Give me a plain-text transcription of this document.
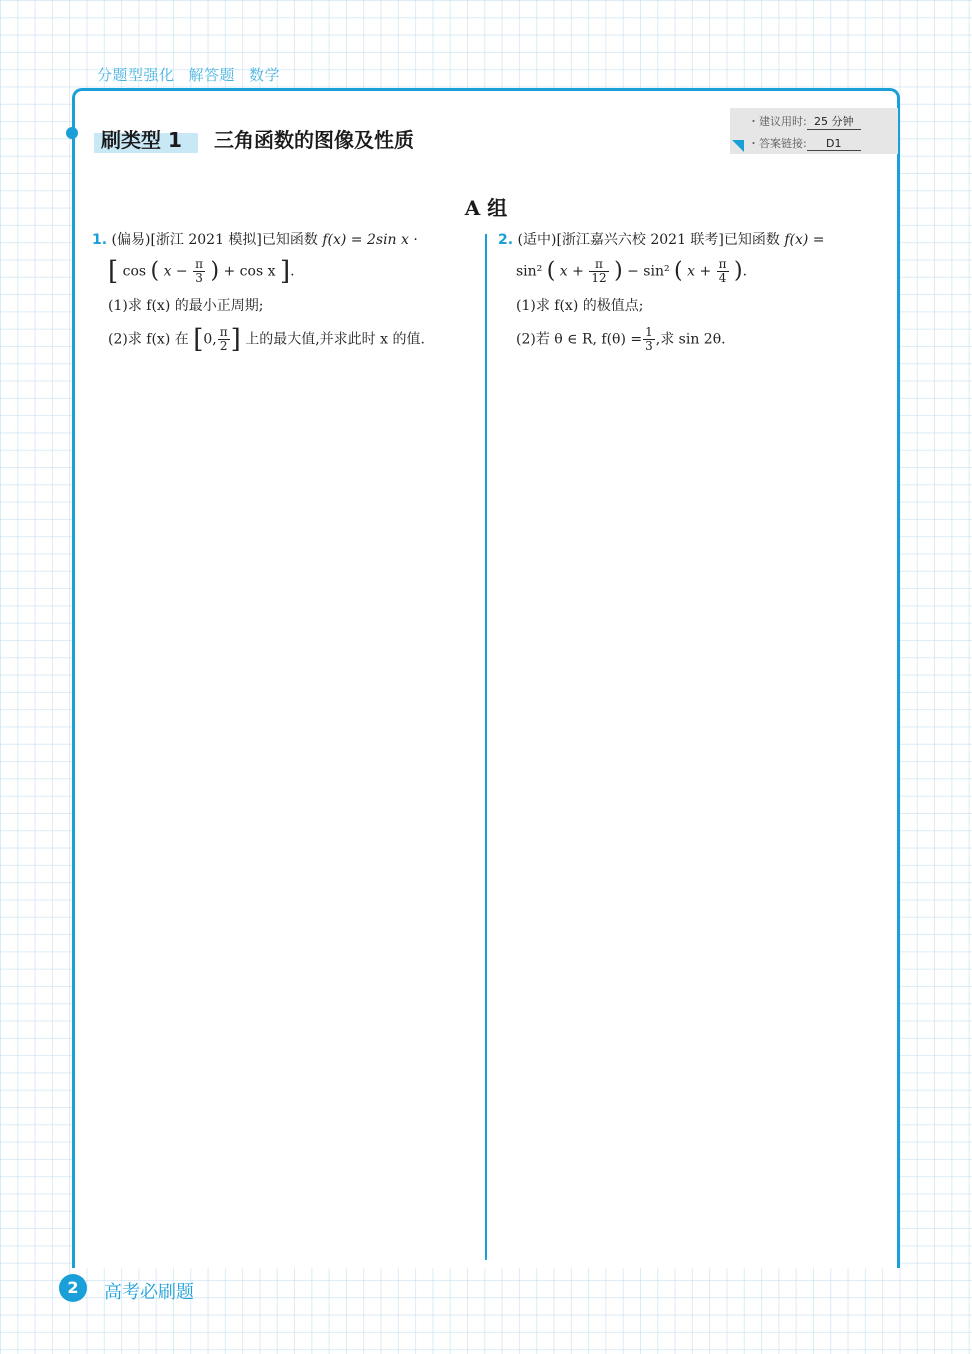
分题型强化 解答题 数学
刷类型 1 三角函数的图像及性质
・建议用时: 25 分钟
・答案链接: D1
A 组
1. (偏易)[浙江 2021 模拟]已知函数 f(x) = 2sin x ·
[ cos ( $x - \frac{\pi}{3}$ ) + cos x ].
(1)求 f(x) 的最小正周期;
(2)求 f(x) 在 [0, $\frac{\pi}{2}$ ] 上的最大值,并求此时 x 的值.
2. (适中)[浙江嘉兴六校 2021 联考]已知函数 f(x) =
sin² ( $x + \frac{\pi}{12}$ ) − sin² ( $x + \frac{\pi}{4}$ ).
(1)求 f(x) 的极值点;
(2)若 θ ∈ R, $f(\theta) = \frac{1}{3}$ ,求 sin 2θ.
2	高考必刷题
